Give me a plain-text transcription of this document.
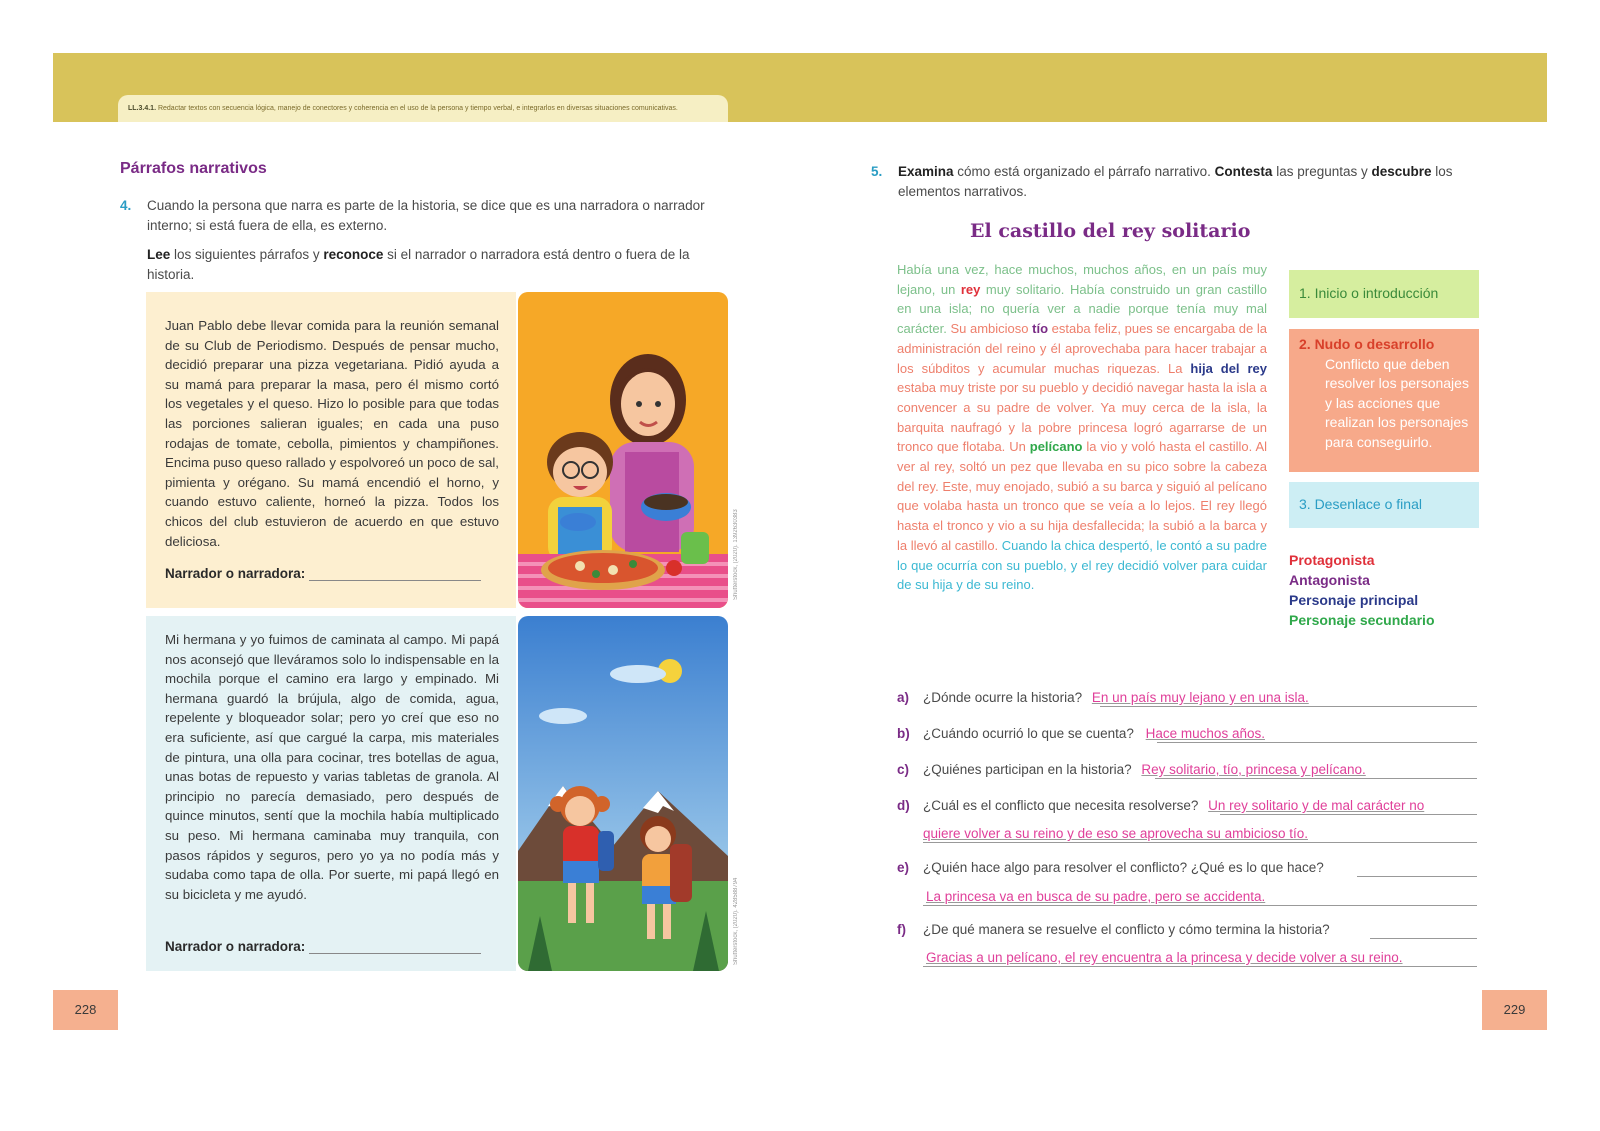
LL.3.4.1. Redactar textos con secuencia lógica, manejo de conectores y coherencia en el uso de la persona y tiempo verbal, e integrarlos en diversas situaciones comunicativas.
Párrafos narrativos
4. Cuando la persona que narra es parte de la historia, se dice que es una narradora o narrador interno; si está fuera de ella, es externo.
Lee los siguientes párrafos y reconoce si el narrador o narradora está dentro o fuera de la historia.
Juan Pablo debe llevar comida para la reunión semanal de su Club de Periodismo. Después de pensar mucho, decidió preparar una pizza vegetariana. Pidió ayuda a su mamá para preparar la masa, pero él mismo cortó los vegetales y el queso. Hizo lo posible para que todas las porciones salieran iguales; en cada una puso rodajas de tomate, cebolla, pimientos y champiñones. Encima puso queso rallado y espolvoreó un poco de sal, pimienta y orégano. Su mamá encendió el horno, y cuando estuvo caliente, horneó la pizza. Todos los chicos del club estuvieron de acuerdo en que estuvo deliciosa.
Narrador o narradora:	Shutterstock, (2020). 1392630383
Mi hermana y yo fuimos de caminata al campo. Mi papá nos aconsejó que lleváramos solo lo indispensable en la mochila porque el camino era largo y empinado. Mi hermana guardó la brújula, algo de comida, agua, repelente y bloqueador solar; pero yo creí que eso no era suficiente, así que cargué la carpa, mis materiales de pintura, una olla para cocinar, tres botellas de agua, unas botas de repuesto y varias tabletas de granola. Al principio no parecía demasiado, pero después de quince minutos, sentí que la mochila había multiplicado su peso. Mi hermana caminaba muy tranquila, con pasos rápidos y seguros, pero yo ya no podía más y sudaba como tapa de olla. Por suerte, mi papá llegó en su bicicleta y me ayudó.
Narrador o narradora:	Shutterstock, (2020). 428588794
228
5. Examina cómo está organizado el párrafo narrativo. Contesta las preguntas y descubre los elementos narrativos.
El castillo del rey solitario
Había una vez, hace muchos, muchos años, en un país muy lejano, un rey muy solitario. Había construido un gran castillo en una isla; no quería ver a nadie porque tenía muy mal carácter. Su ambicioso tío estaba feliz, pues se encargaba de la administración del reino y él aprovechaba para hacer trabajar a los súbditos y acumular muchas riquezas. La hija del rey estaba muy triste por su pueblo y decidió navegar hasta la isla a convencer a su padre de volver. Ya muy cerca de la isla, la barquita naufragó y la pobre princesa logró agarrarse de un tronco que flotaba. Un pelícano la vio y voló hasta el castillo. Al ver al rey, soltó un pez que llevaba en su pico sobre la cabeza del rey. Este, muy enojado, subió a su barca y siguió al pelícano que volaba hasta un tronco que se veía a lo lejos. El rey llegó hasta el tronco y vio a su hija desfallecida; la subió a la barca y la llevó al castillo. Cuando la chica despertó, le contó a su padre lo que ocurría con su pueblo, y el rey decidió volver para cuidar de su hija y de su reino.
1. Inicio o introducción
2. Nudo o desarrollo
Conflicto que deben resolver los personajes y las acciones que realizan los personajes para conseguirlo.
3. Desenlace o final
Protagonista
Antagonista
Personaje principal
Personaje secundario
a) ¿Dónde ocurre la historia? En un país muy lejano y en una isla.
b) ¿Cuándo ocurrió lo que se cuenta? Hace muchos años.
c) ¿Quiénes participan en la historia? Rey solitario, tío, princesa y pelícano.
d) ¿Cuál es el conflicto que necesita resolverse? Un rey solitario y de mal carácter no
quiere volver a su reino y de eso se aprovecha su ambicioso tío.
e) ¿Quién hace algo para resolver el conflicto? ¿Qué es lo que hace?
La princesa va en busca de su padre, pero se accidenta.
f) ¿De qué manera se resuelve el conflicto y cómo termina la historia?
Gracias a un pelícano, el rey encuentra a la princesa y decide volver a su reino.
229
